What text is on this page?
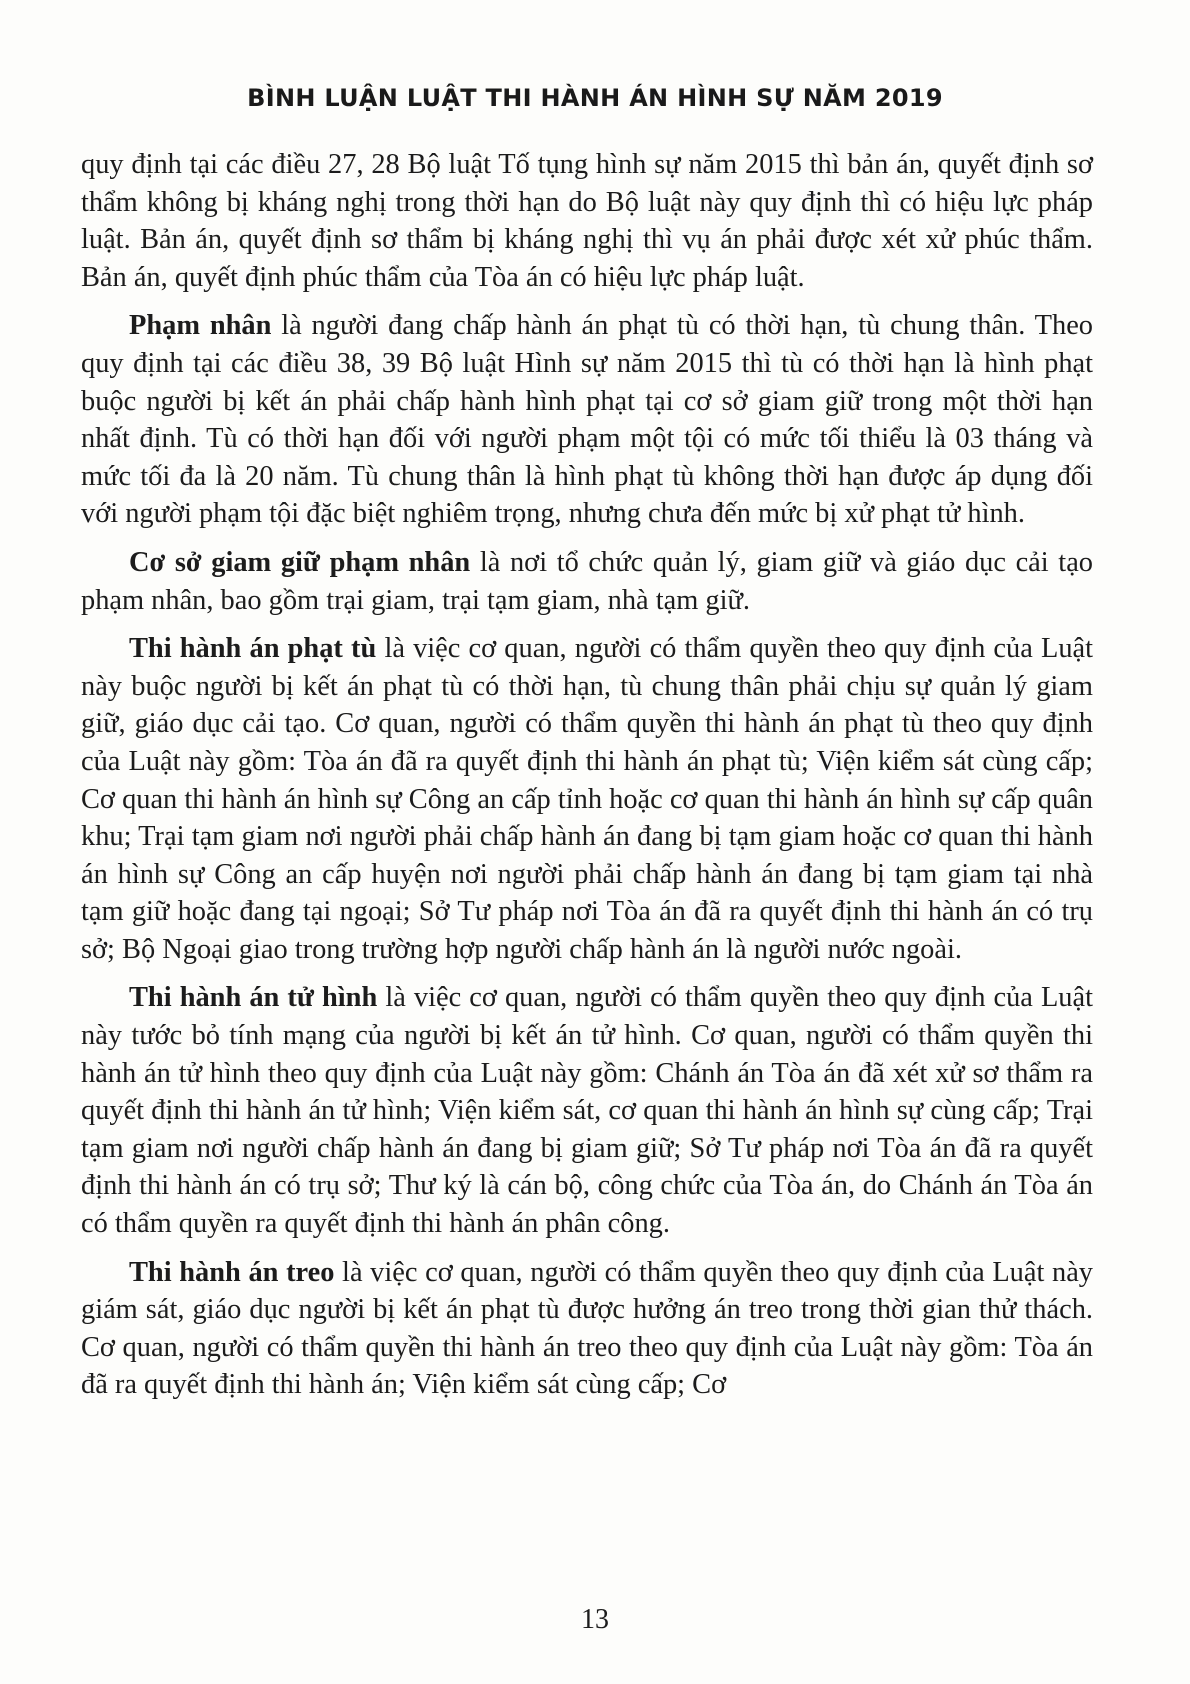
BÌNH LUẬN LUẬT THI HÀNH ÁN HÌNH SỰ NĂM 2019

quy định tại các điều 27, 28 Bộ luật Tố tụng hình sự năm 2015 thì bản án, quyết định sơ thẩm không bị kháng nghị trong thời hạn do Bộ luật này quy định thì có hiệu lực pháp luật. Bản án, quyết định sơ thẩm bị kháng nghị thì vụ án phải được xét xử phúc thẩm. Bản án, quyết định phúc thẩm của Tòa án có hiệu lực pháp luật.

Phạm nhân là người đang chấp hành án phạt tù có thời hạn, tù chung thân. Theo quy định tại các điều 38, 39 Bộ luật Hình sự năm 2015 thì tù có thời hạn là hình phạt buộc người bị kết án phải chấp hành hình phạt tại cơ sở giam giữ trong một thời hạn nhất định. Tù có thời hạn đối với người phạm một tội có mức tối thiểu là 03 tháng và mức tối đa là 20 năm. Tù chung thân là hình phạt tù không thời hạn được áp dụng đối với người phạm tội đặc biệt nghiêm trọng, nhưng chưa đến mức bị xử phạt tử hình.

Cơ sở giam giữ phạm nhân là nơi tổ chức quản lý, giam giữ và giáo dục cải tạo phạm nhân, bao gồm trại giam, trại tạm giam, nhà tạm giữ.

Thi hành án phạt tù là việc cơ quan, người có thẩm quyền theo quy định của Luật này buộc người bị kết án phạt tù có thời hạn, tù chung thân phải chịu sự quản lý giam giữ, giáo dục cải tạo. Cơ quan, người có thẩm quyền thi hành án phạt tù theo quy định của Luật này gồm: Tòa án đã ra quyết định thi hành án phạt tù; Viện kiểm sát cùng cấp; Cơ quan thi hành án hình sự Công an cấp tỉnh hoặc cơ quan thi hành án hình sự cấp quân khu; Trại tạm giam nơi người phải chấp hành án đang bị tạm giam hoặc cơ quan thi hành án hình sự Công an cấp huyện nơi người phải chấp hành án đang bị tạm giam tại nhà tạm giữ hoặc đang tại ngoại; Sở Tư pháp nơi Tòa án đã ra quyết định thi hành án có trụ sở; Bộ Ngoại giao trong trường hợp người chấp hành án là người nước ngoài.

Thi hành án tử hình là việc cơ quan, người có thẩm quyền theo quy định của Luật này tước bỏ tính mạng của người bị kết án tử hình. Cơ quan, người có thẩm quyền thi hành án tử hình theo quy định của Luật này gồm: Chánh án Tòa án đã xét xử sơ thẩm ra quyết định thi hành án tử hình; Viện kiểm sát, cơ quan thi hành án hình sự cùng cấp; Trại tạm giam nơi người chấp hành án đang bị giam giữ; Sở Tư pháp nơi Tòa án đã ra quyết định thi hành án có trụ sở; Thư ký là cán bộ, công chức của Tòa án, do Chánh án Tòa án có thẩm quyền ra quyết định thi hành án phân công.

Thi hành án treo là việc cơ quan, người có thẩm quyền theo quy định của Luật này giám sát, giáo dục người bị kết án phạt tù được hưởng án treo trong thời gian thử thách. Cơ quan, người có thẩm quyền thi hành án treo theo quy định của Luật này gồm: Tòa án đã ra quyết định thi hành án; Viện kiểm sát cùng cấp; Cơ

13
